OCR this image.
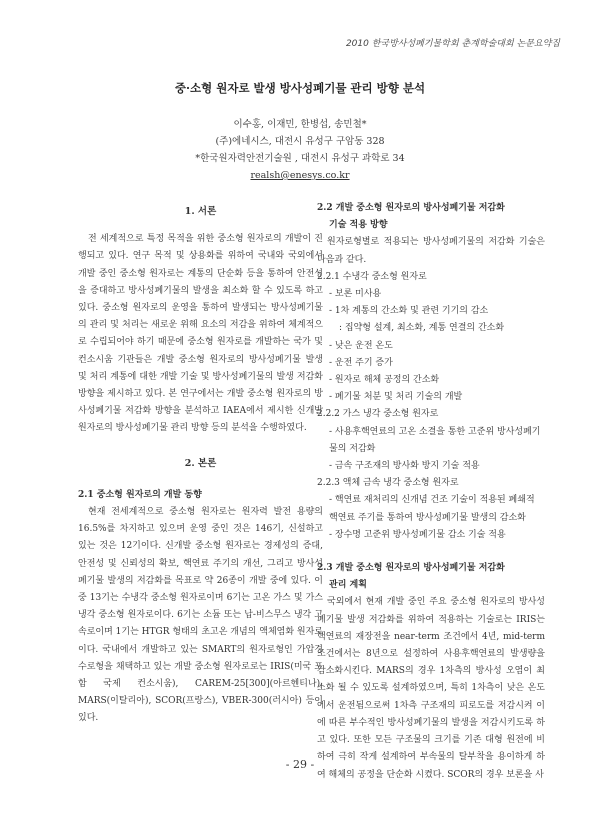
2010 한국방사성폐기물학회 춘계학술대회 논문요약집
중·소형 원자로 발생 방사성폐기물 관리 방향 분석
이수홍, 이재민, 한병섭, 송민철*
(주)에네시스, 대전시 유성구 구암동 328
*한국원자력안전기술원 , 대전시 유성구 과학로 34
realsh@enesys.co.kr
1. 서론

전 세계적으로 특정 목적을 위한 중소형 원자로의 개발이 진행되고 있다. 연구 목적 및 상용화를 위하여 국내와 국외에서 개발 중인 중소형 원자로는 계통의 단순화 등을 통하여 안전성을 증대하고 방사성폐기물의 발생을 최소화 할 수 있도록 하고 있다. 중소형 원자로의 운영을 통하여 발생되는 방사성폐기물의 관리 및 처리는 새로운 위해 요소의 저감을 위하여 체계적으로 수립되어야 하기 때문에 중소형 원자로를 개발하는 국가 및 컨소시움 기관들은 개발 중소형 원자로의 방사성폐기물 발생 및 처리 계통에 대한 개발 기술 및 방사성폐기물의 발생 저감화 방향을 제시하고 있다. 본 연구에서는 개발 중소형 원자로의 방사성폐기물 저감화 방향을 분석하고 IAEA에서 제시한 신개발 원자로의 방사성폐기물 관리 방향 등의 분석을 수행하였다.

2. 본론
2.1 중소형 원자로의 개발 동향

현재 전세계적으로 중소형 원자로는 원자력 발전 용량의 16.5%를 차지하고 있으며 운영 중인 것은 146기, 신설하고 있는 것은 12기이다. 신개발 중소형 원자로는 경제성의 증대, 안전성 및 신뢰성의 확보, 핵연료 주기의 개선, 그리고 방사성폐기물 발생의 저감화를 목표로 약 26종이 개발 중에 있다. 이 중 13기는 수냉각 중소형 원자로이며 6기는 고온 가스 및 가스 냉각 중소형 원자로이다. 6기는 소듐 또는 납-비스무스 냉각 고속로이며 1기는 HTGR 형태의 초고온 개념의 액체염화 원자로이다. 국내에서 개발하고 있는 SMART의 원자로형인 가압경수로형을 채택하고 있는 개발 중소형 원자로로는 IRIS(미국 포함 국제 컨소시움), CAREM-25[300](아르헨티나), MARS(이탈리아), SCOR(프랑스), VBER-300(러시아) 등이 있다.

2.2 개발 중소형 원자로의 방사성폐기물 저감화
기술 적용 방향

원자로형별로 적용되는 방사성폐기물의 저감화 기술은 다음과 같다.

2.2.1 수냉각 중소형 원자로
- 보론 미사용
- 1차 계통의 간소화 및 관련 기기의 감소
: 집약형 설계, 최소화, 계통 연결의 간소화
- 낮은 운전 온도
- 운전 주기 증가
- 원자로 해체 공정의 간소화
- 폐기물 처분 및 처리 기술의 개발
2.2.2 가스 냉각 중소형 원자로
- 사용후핵연료의 고온 소결을 통한 고준위 방사성폐기물의 저감화
- 금속 구조재의 방사화 방지 기술 적용
2.2.3 액체 금속 냉각 중소형 원자로
- 핵연료 재처리의 신개념 건조 기술이 적용된 폐쇄적 핵연료 주기를 통하여 방사성폐기물 발생의 감소화
- 장수명 고준위 방사성폐기물 감소 기술 적용
2.3 개발 중소형 원자로의 방사성폐기물 저감화
관리 계획

국외에서 현재 개발 중인 주요 중소형 원자로의 방사성폐기물 발생 저감화를 위하여 적용하는 기술로는 IRIS는 핵연료의 재장전을 near-term 조건에서 4년, mid-term 조건에서는 8년으로 설정하여 사용후핵연료의 발생량을 감소화시킨다. MARS의 경우 1차측의 방사성 오염이 최소화 될 수 있도록 설계하였으며, 특히 1차측이 낮은 온도에서 운전됨으로써 1차측 구조재의 피로도를 저감시켜 이에 따른 부수적인 방사성폐기물의 발생을 저감시키도록 하고 있다. 또한 모든 구조물의 크기를 기존 대형 원전에 비하여 극히 작게 설계하여 부속물의 탈부착을 용이하게 하여 해체의 공정을 단순화 시켰다. SCOR의 경우 보론을 사

- 29 -
